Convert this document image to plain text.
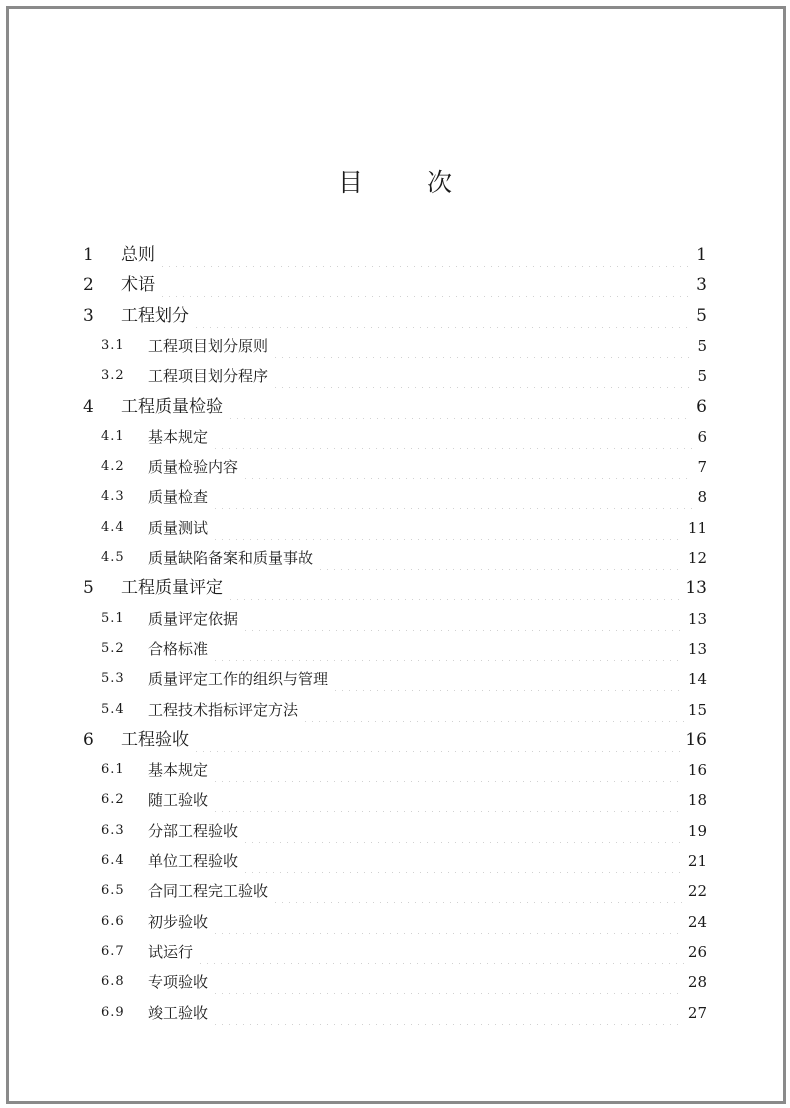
目 次
1	总则	1
2	术语	3
3	工程划分	5
3.1	工程项目划分原则	5
3.2	工程项目划分程序	5
4	工程质量检验	6
4.1	基本规定	6
4.2	质量检验内容	7
4.3	质量检查	8
4.4	质量测试	11
4.5	质量缺陷备案和质量事故	12
5	工程质量评定	13
5.1	质量评定依据	13
5.2	合格标准	13
5.3	质量评定工作的组织与管理	14
5.4	工程技术指标评定方法	15
6	工程验收	16
6.1	基本规定	16
6.2	随工验收	18
6.3	分部工程验收	19
6.4	单位工程验收	21
6.5	合同工程完工验收	22
6.6	初步验收	24
6.7	试运行	26
6.8	专项验收	28
6.9	竣工验收	27
